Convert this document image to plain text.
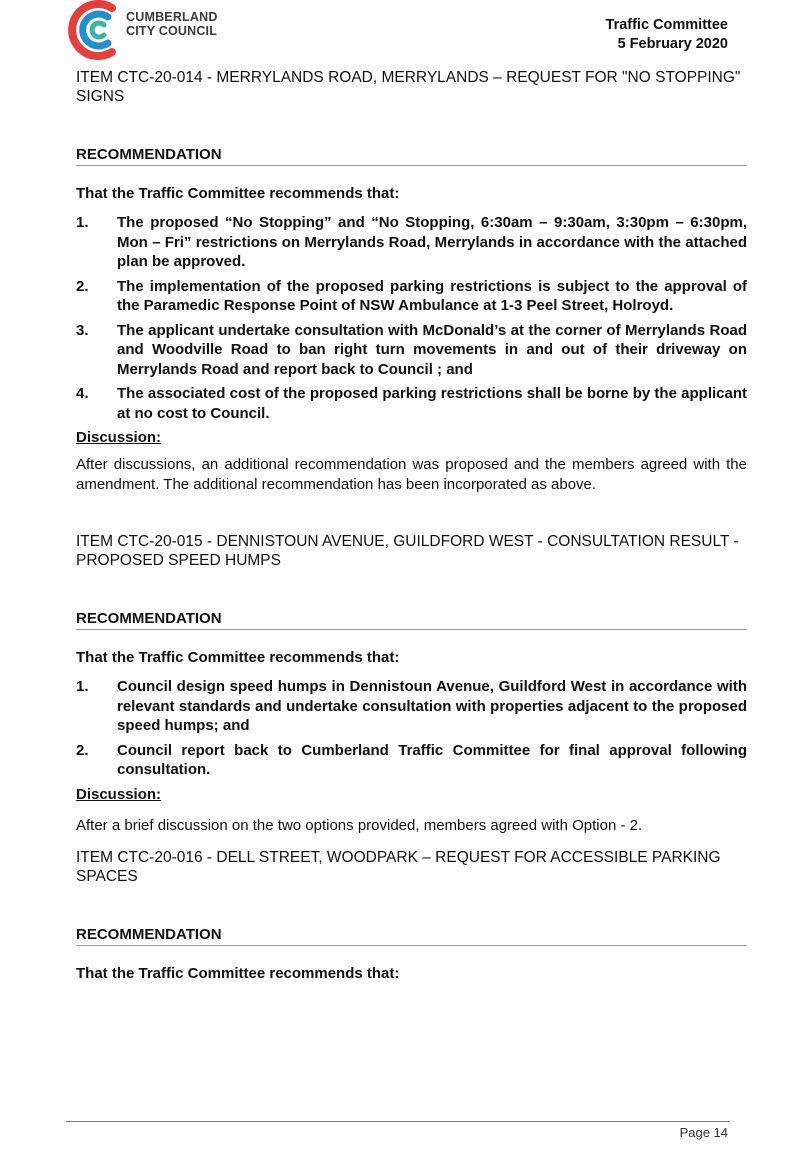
CUMBERLAND
CITY COUNCIL	Traffic Committee
5 February 2020
ITEM CTC-20-014 - MERRYLANDS ROAD, MERRYLANDS – REQUEST FOR "NO STOPPING" SIGNS
RECOMMENDATION
That the Traffic Committee recommends that:
1. The proposed “No Stopping” and “No Stopping, 6:30am – 9:30am, 3:30pm – 6:30pm, Mon – Fri” restrictions on Merrylands Road, Merrylands in accordance with the attached plan be approved.
2. The implementation of the proposed parking restrictions is subject to the approval of the Paramedic Response Point of NSW Ambulance at 1-3 Peel Street, Holroyd.
3. The applicant undertake consultation with McDonald’s at the corner of Merrylands Road and Woodville Road to ban right turn movements in and out of their driveway on Merrylands Road and report back to Council ; and
4. The associated cost of the proposed parking restrictions shall be borne by the applicant at no cost to Council.
Discussion:
After discussions, an additional recommendation was proposed and the members agreed with the amendment. The additional recommendation has been incorporated as above.
ITEM CTC-20-015 - DENNISTOUN AVENUE, GUILDFORD WEST - CONSULTATION RESULT - PROPOSED SPEED HUMPS
RECOMMENDATION
That the Traffic Committee recommends that:
1. Council design speed humps in Dennistoun Avenue, Guildford West in accordance with relevant standards and undertake consultation with properties adjacent to the proposed speed humps; and
2. Council report back to Cumberland Traffic Committee for final approval following consultation.
Discussion:
After a brief discussion on the two options provided, members agreed with Option - 2.
ITEM CTC-20-016 - DELL STREET, WOODPARK – REQUEST FOR ACCESSIBLE PARKING SPACES
RECOMMENDATION
That the Traffic Committee recommends that:
Page 14
